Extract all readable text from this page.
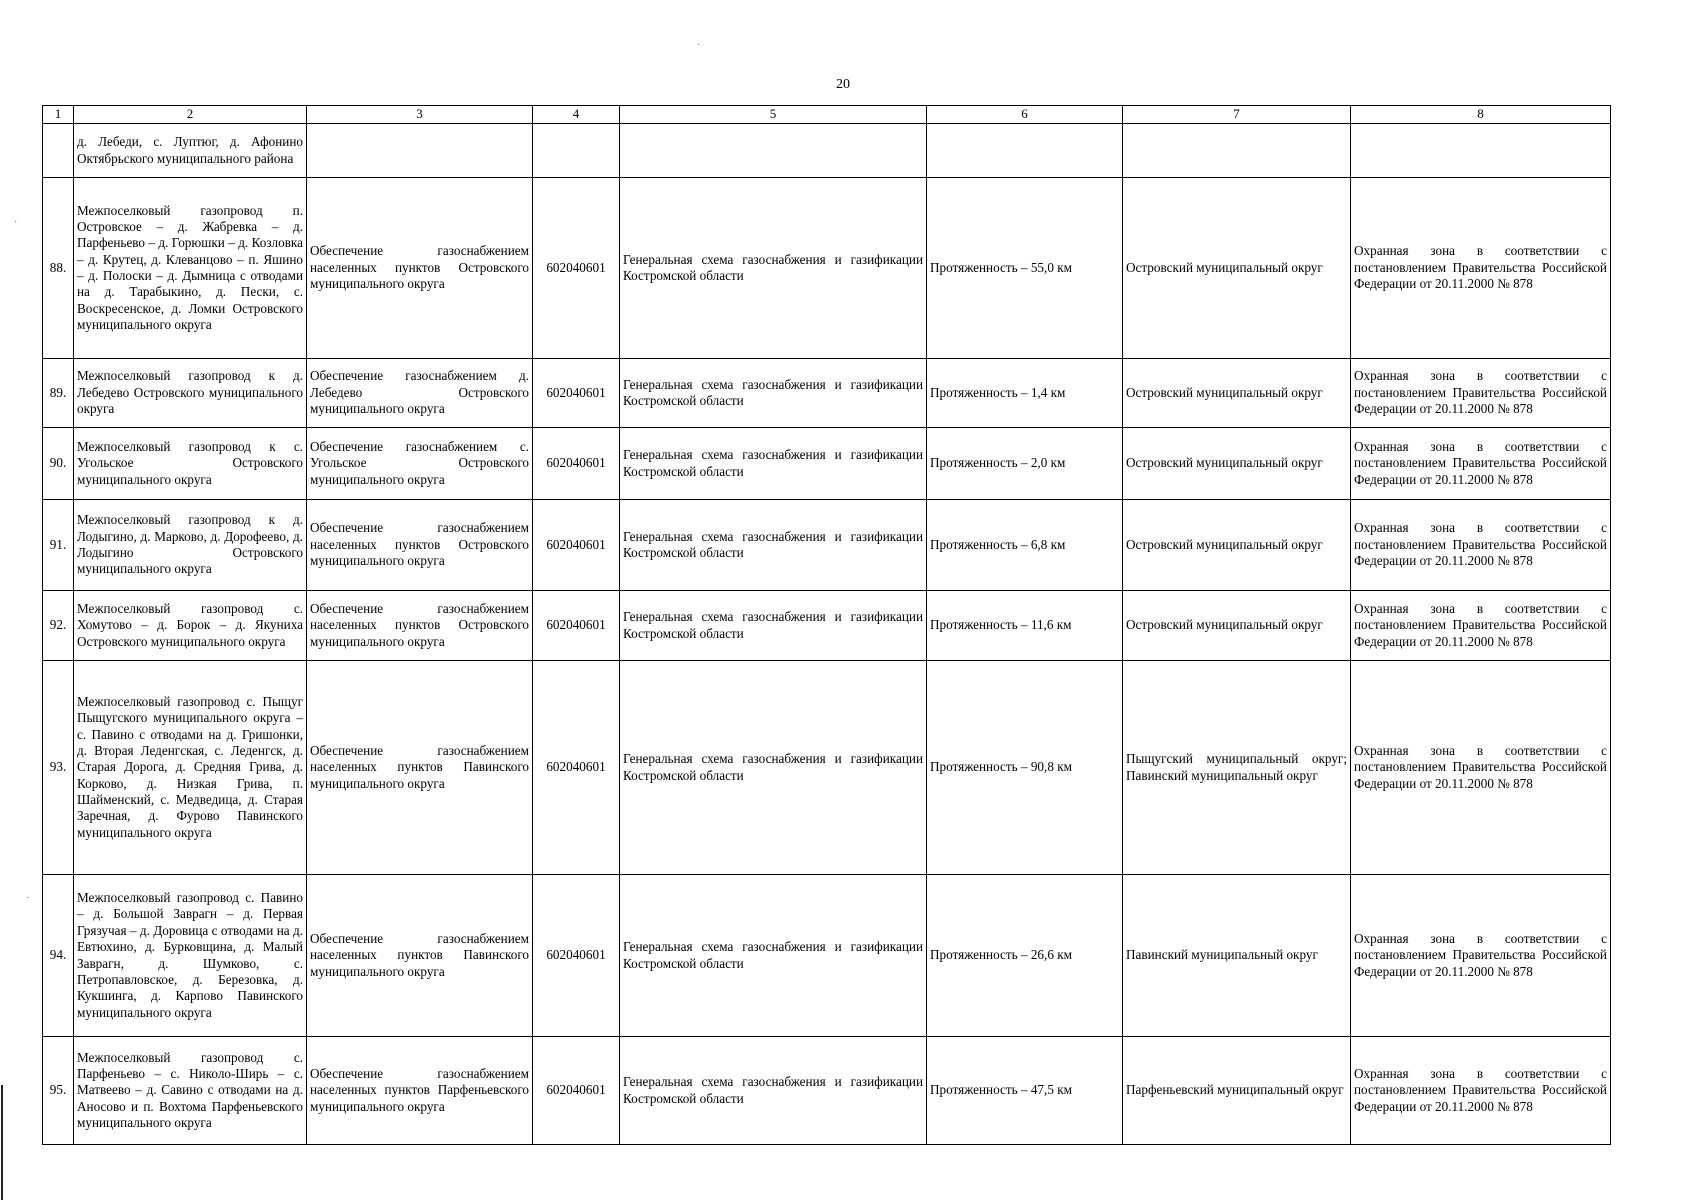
20
·
·
·
1	2	3	4	5	6	7	8
	д. Лебеди, с. Луптюг, д. Афонино Октябрьского муниципального района						
88.	Межпоселковый газопровод п. Островское – д. Жабревка – д. Парфеньево – д. Горюшки – д. Козловка – д. Крутец, д. Клеванцово – п. Яшино – д. Полоски – д. Дымница с отводами на д. Тарабыкино, д. Пески, с. Воскресенское, д. Ломки Островского муниципального округа	Обеспечение газоснабжением населенных пунктов Островского муниципального округа	602040601	Генеральная схема газоснабжения и газификации Костромской области	Протяженность – 55,0 км	Островский муниципальный округ	Охранная зона в соответствии с постановлением Правительства Российской Федерации от 20.11.2000 № 878
89.	Межпоселковый газопровод к д. Лебедево Островского муниципального округа	Обеспечение газоснабжением д. Лебедево Островского муниципального округа	602040601	Генеральная схема газоснабжения и газификации Костромской области	Протяженность – 1,4 км	Островский муниципальный округ	Охранная зона в соответствии с постановлением Правительства Российской Федерации от 20.11.2000 № 878
90.	Межпоселковый газопровод к с. Угольское Островского муниципального округа	Обеспечение газоснабжением с. Угольское Островского муниципального округа	602040601	Генеральная схема газоснабжения и газификации Костромской области	Протяженность – 2,0 км	Островский муниципальный округ	Охранная зона в соответствии с постановлением Правительства Российской Федерации от 20.11.2000 № 878
91.	Межпоселковый газопровод к д. Лодыгино, д. Марково, д. Дорофеево, д. Лодыгино Островского муниципального округа	Обеспечение газоснабжением населенных пунктов Островского муниципального округа	602040601	Генеральная схема газоснабжения и газификации Костромской области	Протяженность – 6,8 км	Островский муниципальный округ	Охранная зона в соответствии с постановлением Правительства Российской Федерации от 20.11.2000 № 878
92.	Межпоселковый газопровод с. Хомутово – д. Борок – д. Якуниха Островского муниципального округа	Обеспечение газоснабжением населенных пунктов Островского муниципального округа	602040601	Генеральная схема газоснабжения и газификации Костромской области	Протяженность – 11,6 км	Островский муниципальный округ	Охранная зона в соответствии с постановлением Правительства Российской Федерации от 20.11.2000 № 878
93.	Межпоселковый газопровод с. Пыщуг Пыщугского муниципального округа – с. Павино с отводами на д. Гришонки, д. Вторая Леденгская, с. Леденгск, д. Старая Дорога, д. Средняя Грива, д. Корково, д. Низкая Грива, п. Шайменский, с. Медведица, д. Старая Заречная, д. Фурово Павинского муниципального округа	Обеспечение газоснабжением населенных пунктов Павинского муниципального округа	602040601	Генеральная схема газоснабжения и газификации Костромской области	Протяженность – 90,8 км	Пыщугский муниципальный округ; Павинский муниципальный округ	Охранная зона в соответствии с постановлением Правительства Российской Федерации от 20.11.2000 № 878
94.	Межпоселковый газопровод с. Павино – д. Большой Заврагн – д. Первая Грязучая – д. Доровица с отводами на д. Евтюхино, д. Бурковщина, д. Малый Заврагн, д. Шумково, с. Петропавловское, д. Березовка, д. Кукшинга, д. Карпово Павинского муниципального округа	Обеспечение газоснабжением населенных пунктов Павинского муниципального округа	602040601	Генеральная схема газоснабжения и газификации Костромской области	Протяженность – 26,6 км	Павинский муниципальный округ	Охранная зона в соответствии с постановлением Правительства Российской Федерации от 20.11.2000 № 878
95.	Межпоселковый газопровод с. Парфеньево – с. Николо-Ширь – с. Матвеево – д. Савино с отводами на д. Аносово и п. Вохтома Парфеньевского муниципального округа	Обеспечение газоснабжением населенных пунктов Парфеньевского муниципального округа	602040601	Генеральная схема газоснабжения и газификации Костромской области	Протяженность – 47,5 км	Парфеньевский муниципальный округ	Охранная зона в соответствии с постановлением Правительства Российской Федерации от 20.11.2000 № 878
